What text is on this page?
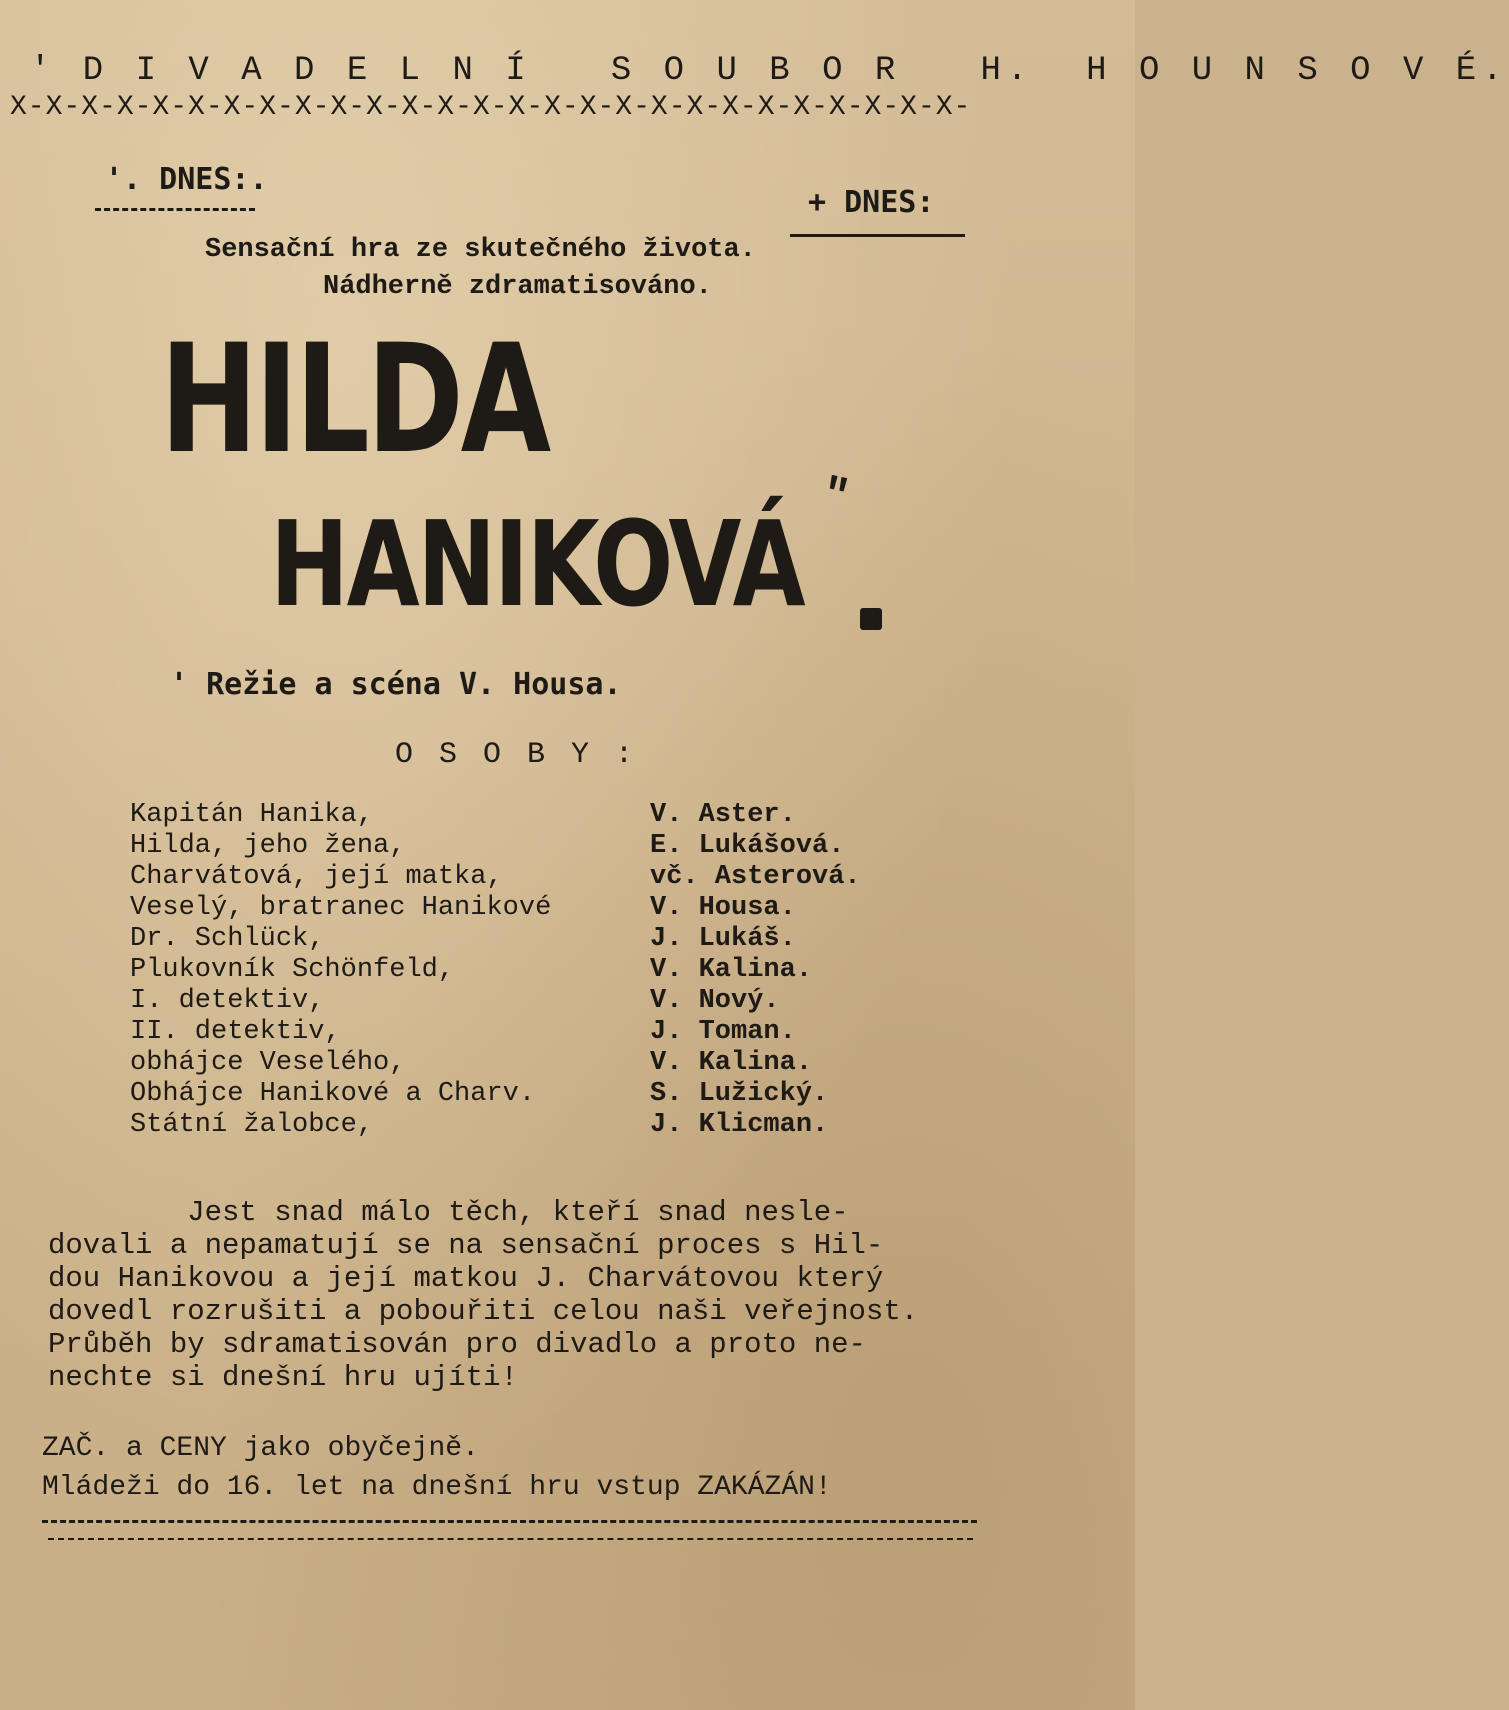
' D I V A D E L N Í   S O U B O R   H.  H O U N S O V É.
X-X-X-X-X-X-X-X-X-X-X-X-X-X-X-X-X-X-X-X-X-X-X-X-X-X-X-
'. DNES:.
+ DNES:
Sensační hra ze skutečného života.
Nádherně zdramatisováno.
HILDA
"
HANIKOVÁ
' Režie a scéna V. Housa.
O S O B Y :
Kapitán Hanika,	V. Aster.
Hilda, jeho žena,	E. Lukášová.
Charvátová, její matka,	vč. Asterová.
Veselý, bratranec Hanikové	V. Housa.
Dr. Schlück,	J. Lukáš.
Plukovník Schönfeld,	V. Kalina.
I. detektiv,	V. Nový.
II. detektiv,	J. Toman.
obhájce Veselého,	V. Kalina.
Obhájce Hanikové a Charv.	S. Lužický.
Státní žalobce,	J. Klicman.
Jest snad málo těch, kteří snad nesle-
dovali a nepamatují se na sensační proces s Hil-
dou Hanikovou a její matkou J. Charvátovou který
dovedl rozrušiti a pobouřiti celou naši veřejnost.
Průběh by sdramatisován pro divadlo a proto ne-
nechte si dnešní hru ujíti!
ZAČ. a CENY jako obyčejně.
Mládeži do 16. let na dnešní hru vstup ZAKÁZÁN!
